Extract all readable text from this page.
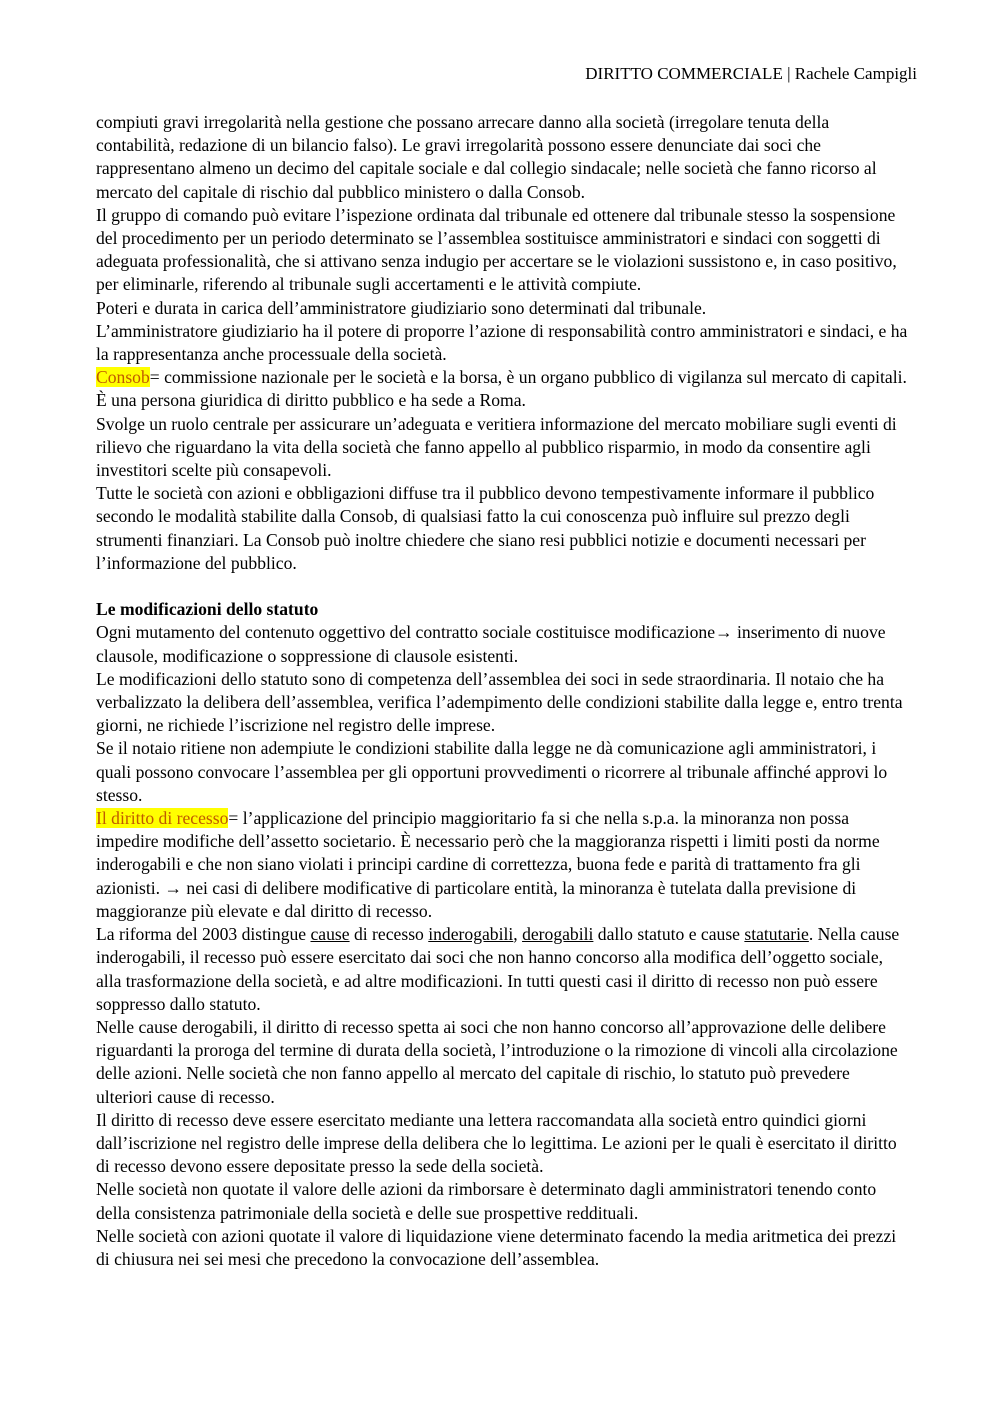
DIRITTO COMMERCIALE | Rachele Campigli

compiuti gravi irregolarità nella gestione che possano arrecare danno alla società (irregolare tenuta della contabilità, redazione di un bilancio falso). Le gravi irregolarità possono essere denunciate dai soci che rappresentano almeno un decimo del capitale sociale e dal collegio sindacale; nelle società che fanno ricorso al mercato del capitale di rischio dal pubblico ministero o dalla Consob.

Il gruppo di comando può evitare l’ispezione ordinata dal tribunale ed ottenere dal tribunale stesso la sospensione del procedimento per un periodo determinato se l’assemblea sostituisce amministratori e sindaci con soggetti di adeguata professionalità, che si attivano senza indugio per accertare se le violazioni sussistono e, in caso positivo, per eliminarle, riferendo al tribunale sugli accertamenti e le attività compiute.

Poteri e durata in carica dell’amministratore giudiziario sono determinati dal tribunale.

L’amministratore giudiziario ha il potere di proporre l’azione di responsabilità contro amministratori e sindaci, e ha la rappresentanza anche processuale della società.

Consob= commissione nazionale per le società e la borsa, è un organo pubblico di vigilanza sul mercato di capitali. È una persona giuridica di diritto pubblico e ha sede a Roma.

Svolge un ruolo centrale per assicurare un’adeguata e veritiera informazione del mercato mobiliare sugli eventi di rilievo che riguardano la vita della società che fanno appello al pubblico risparmio, in modo da consentire agli investitori scelte più consapevoli.

Tutte le società con azioni e obbligazioni diffuse tra il pubblico devono tempestivamente informare il pubblico secondo le modalità stabilite dalla Consob, di qualsiasi fatto la cui conoscenza può influire sul prezzo degli strumenti finanziari. La Consob può inoltre chiedere che siano resi pubblici notizie e documenti necessari per l’informazione del pubblico.

Le modificazioni dello statuto

Ogni mutamento del contenuto oggettivo del contratto sociale costituisce modificazione→ inserimento di nuove clausole, modificazione o soppressione di clausole esistenti.

Le modificazioni dello statuto sono di competenza dell’assemblea dei soci in sede straordinaria. Il notaio che ha verbalizzato la delibera dell’assemblea, verifica l’adempimento delle condizioni stabilite dalla legge e, entro trenta giorni, ne richiede l’iscrizione nel registro delle imprese.

Se il notaio ritiene non adempiute le condizioni stabilite dalla legge ne dà comunicazione agli amministratori, i quali possono convocare l’assemblea per gli opportuni provvedimenti o ricorrere al tribunale affinché approvi lo stesso.

Il diritto di recesso= l’applicazione del principio maggioritario fa si che nella s.p.a. la minoranza non possa impedire modifiche dell’assetto societario. È necessario però che la maggioranza rispetti i limiti posti da norme inderogabili e che non siano violati i principi cardine di correttezza, buona fede e parità di trattamento fra gli azionisti. → nei casi di delibere modificative di particolare entità, la minoranza è tutelata dalla previsione di maggioranze più elevate e dal diritto di recesso.

La riforma del 2003 distingue cause di recesso inderogabili, derogabili dallo statuto e cause statutarie. Nella cause inderogabili, il recesso può essere esercitato dai soci che non hanno concorso alla modifica dell’oggetto sociale, alla trasformazione della società, e ad altre modificazioni. In tutti questi casi il diritto di recesso non può essere soppresso dallo statuto.

Nelle cause derogabili, il diritto di recesso spetta ai soci che non hanno concorso all’approvazione delle delibere riguardanti la proroga del termine di durata della società, l’introduzione o la rimozione di vincoli alla circolazione delle azioni. Nelle società che non fanno appello al mercato del capitale di rischio, lo statuto può prevedere ulteriori cause di recesso.

Il diritto di recesso deve essere esercitato mediante una lettera raccomandata alla società entro quindici giorni dall’iscrizione nel registro delle imprese della delibera che lo legittima. Le azioni per le quali è esercitato il diritto di recesso devono essere depositate presso la sede della società.

Nelle società non quotate il valore delle azioni da rimborsare è determinato dagli amministratori tenendo conto della consistenza patrimoniale della società e delle sue prospettive reddituali.

Nelle società con azioni quotate il valore di liquidazione viene determinato facendo la media aritmetica dei prezzi di chiusura nei sei mesi che precedono la convocazione dell’assemblea.
